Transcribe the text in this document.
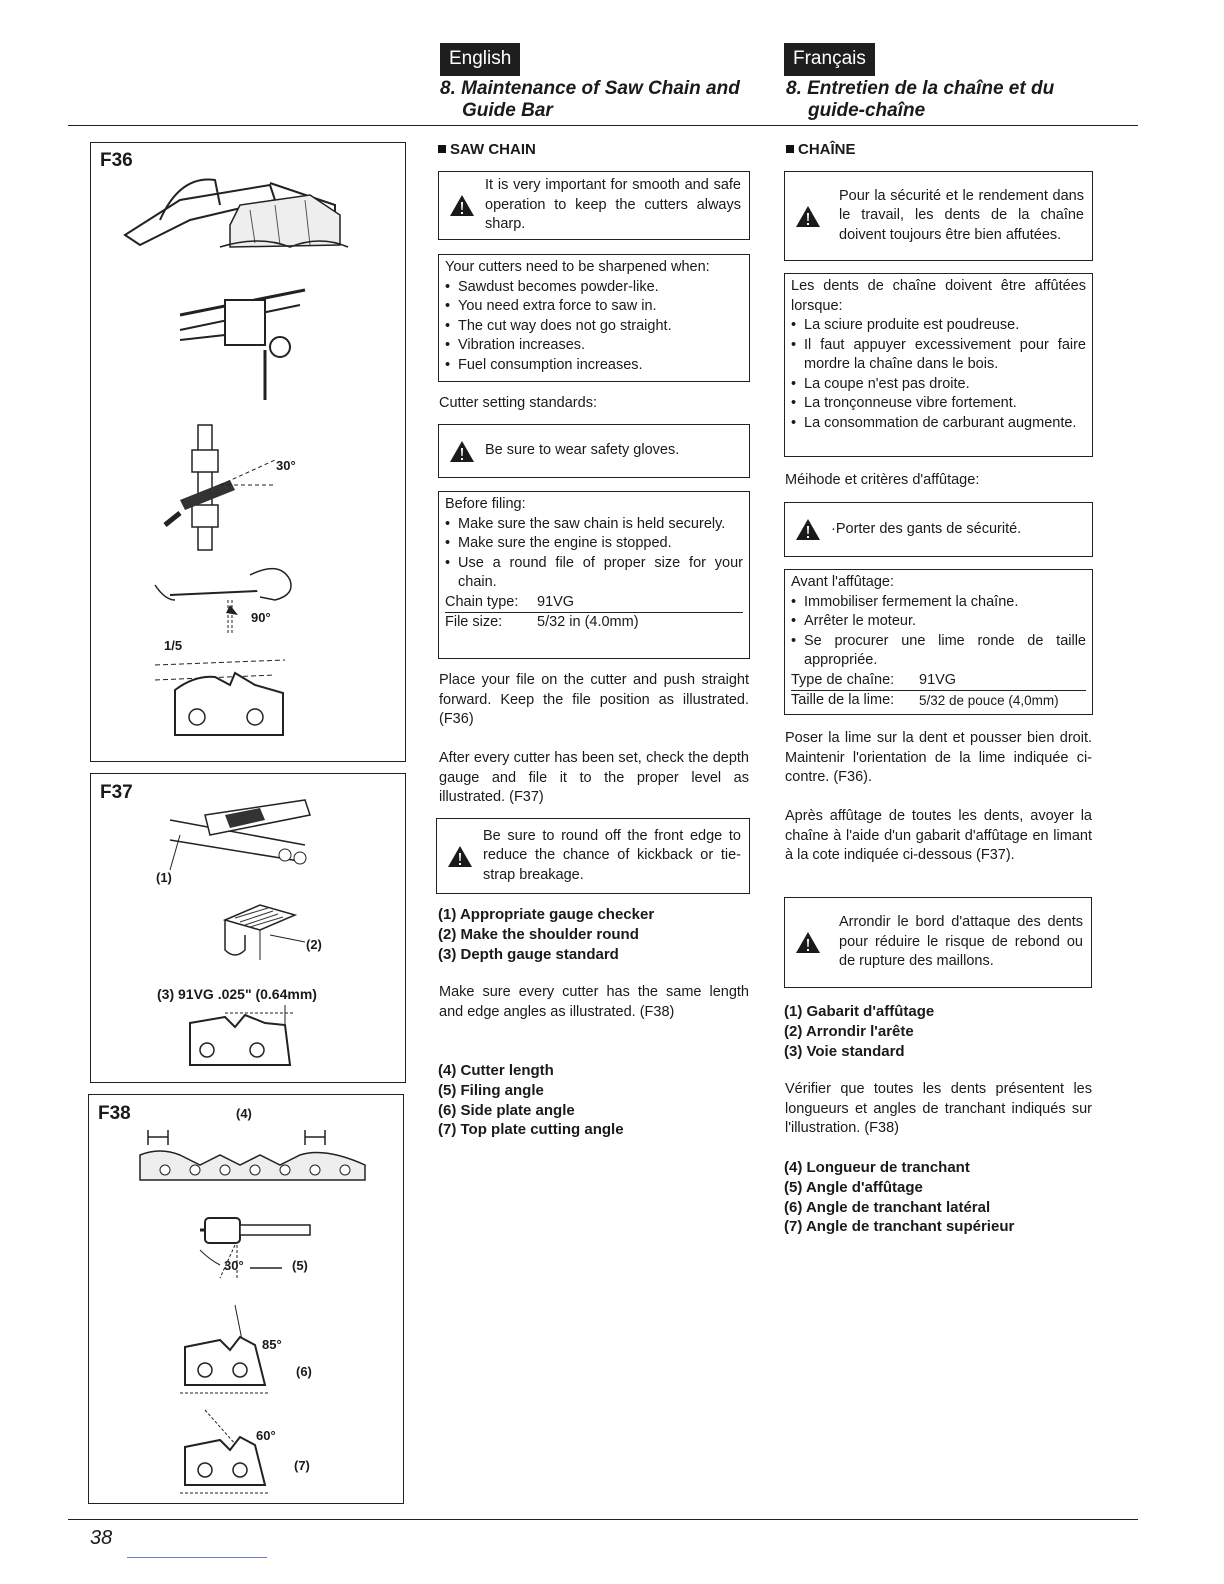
English
8. Maintenance of Saw Chain and
Guide Bar
Français
8. Entretien de la chaîne et du
guide-chaîne
F36
30°
90°
1/5
F37
(1)
(2)
(3) 91VG .025" (0.64mm)
F38	(4)
30°	(5)
85°
(6)
60°
(7)
SAW CHAIN
It is very important for smooth and safe operation to keep the cutters always sharp.
Your cutters need to be sharpened when:
• Sawdust becomes powder-like.
• You need extra force to saw in.
• The cut way does not go straight.
• Vibration increases.
• Fuel consumption increases.
Cutter setting standards:
Be sure to wear safety gloves.
Before filing:
• Make sure the saw chain is held securely.
• Make sure the engine is stopped.
• Use a round file of proper size for your chain.
Chain type:	91VG
File size:	5/32 in (4.0mm)
Place your file on the cutter and push straight forward. Keep the file position as illustrated. (F36)
After every cutter has been set, check the depth gauge and file it to the proper level as illustrated. (F37)
Be sure to round off the front edge to reduce the chance of kickback or tie-strap breakage.
(1) Appropriate gauge checker
(2) Make the shoulder round
(3) Depth gauge standard
Make sure every cutter has the same length and edge angles as illustrated. (F38)
(4) Cutter length
(5) Filing angle
(6) Side plate angle
(7) Top plate cutting angle
CHAÎNE
Pour la sécurité et le rendement dans le travail, les dents de la chaîne doivent toujours être bien affutées.
Les dents de chaîne doivent être affûtées lorsque:
• La sciure produite est poudreuse.
• Il faut appuyer excessivement pour faire mordre la chaîne dans le bois.
• La coupe n'est pas droite.
• La tronçonneuse vibre fortement.
• La consommation de carburant augmente.
Méihode et critères d'affûtage:
·Porter des gants de sécurité.
Avant l'affûtage:
• Immobiliser fermement la chaîne.
• Arrêter le moteur.
• Se procurer une lime ronde de taille appropriée.
Type de chaîne:	91VG
Taille de la lime:	5/32 de pouce (4,0mm)
Poser la lime sur la dent et pousser bien droit. Maintenir l'orientation de la lime indiquée ci-contre. (F36).
Après affûtage de toutes les dents, avoyer la chaîne à l'aide d'un gabarit d'affûtage en limant à la cote indiquée ci-dessous (F37).
Arrondir le bord d'attaque des dents pour réduire le risque de rebond ou de rupture des maillons.
(1) Gabarit d'affûtage
(2) Arrondir l'arête
(3) Voie standard
Vérifier que toutes les dents présentent les longueurs et angles de tranchant indiqués sur l'illustration. (F38)
(4) Longueur de tranchant
(5) Angle d'affûtage
(6) Angle de tranchant latéral
(7) Angle de tranchant supérieur
38
